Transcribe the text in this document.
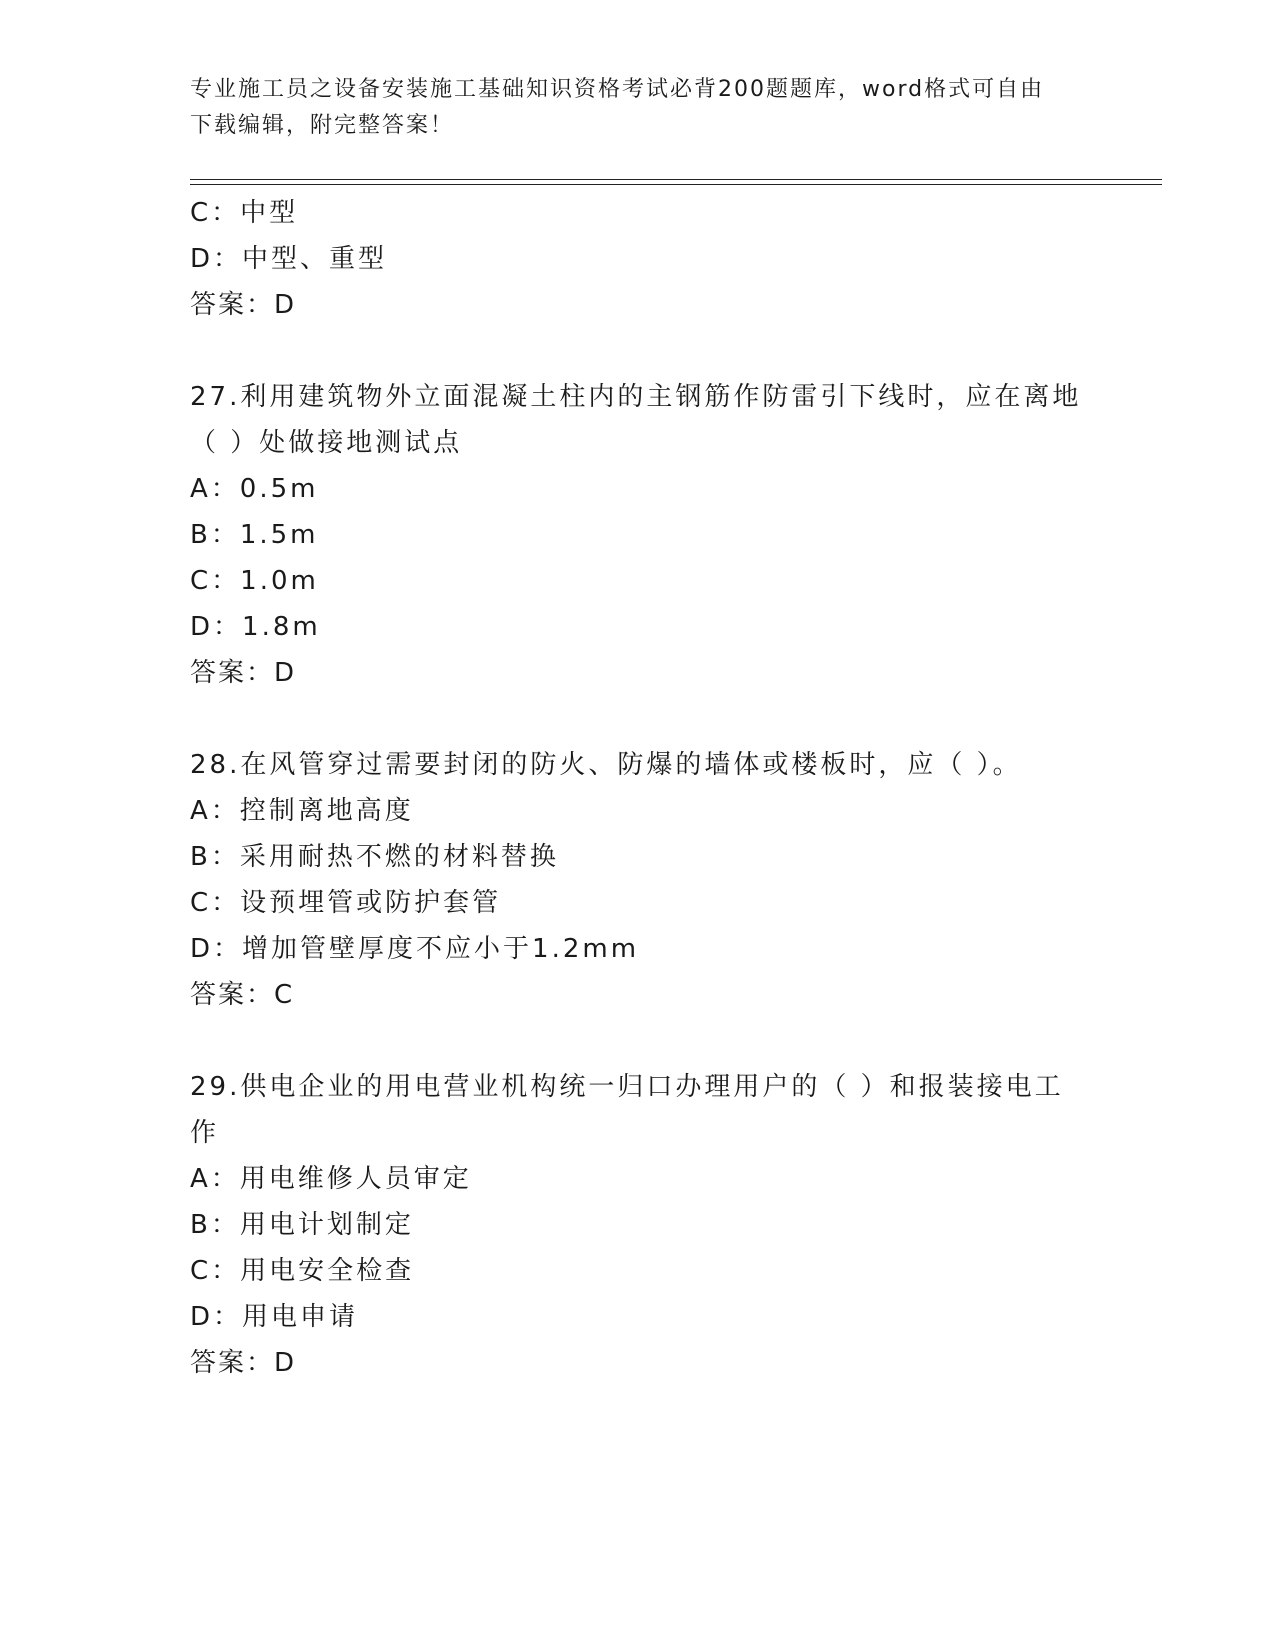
专业施工员之设备安装施工基础知识资格考试必背200题题库，word格式可自由
下载编辑，附完整答案！
C：中型
D：中型、重型
答案：D
27.利用建筑物外立面混凝土柱内的主钢筋作防雷引下线时，应在离地
（ ）处做接地测试点
A：0.5m
B：1.5m
C：1.0m
D：1.8m
答案：D
28.在风管穿过需要封闭的防火、防爆的墙体或楼板时，应（ ）。
A：控制离地高度
B：采用耐热不燃的材料替换
C：设预埋管或防护套管
D：增加管壁厚度不应小于1.2mm
答案：C
29.供电企业的用电营业机构统一归口办理用户的（ ）和报装接电工
作
A：用电维修人员审定
B：用电计划制定
C：用电安全检查
D：用电申请
答案：D
